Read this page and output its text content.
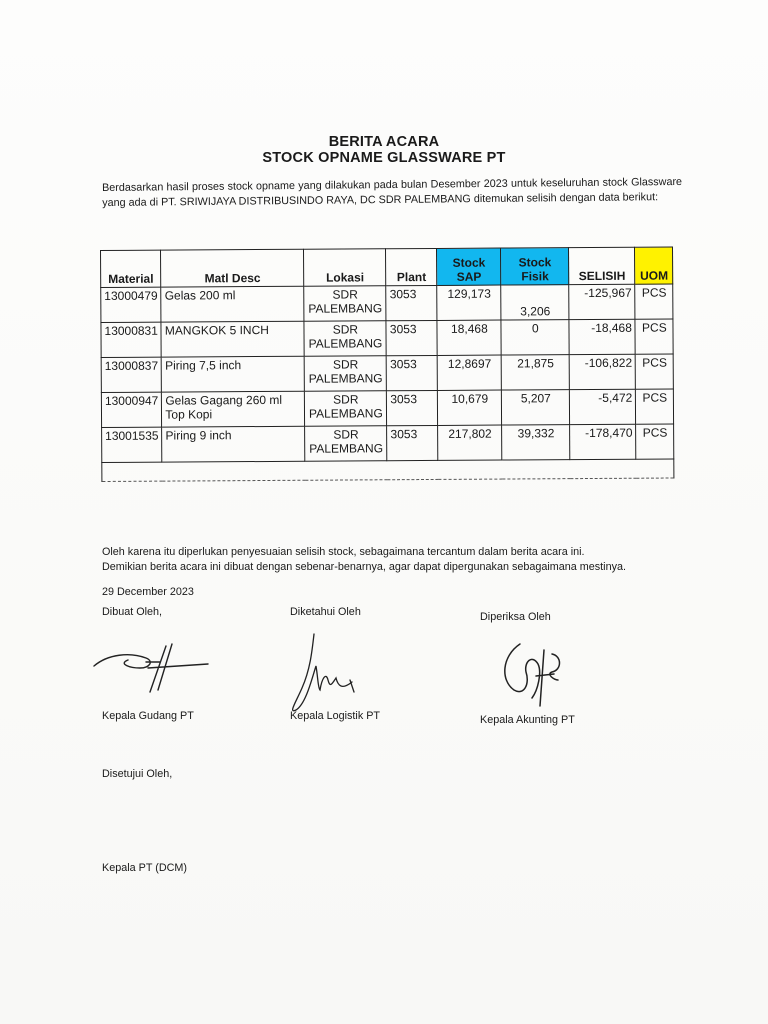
BERITA ACARA
STOCK OPNAME GLASSWARE PT
Berdasarkan hasil proses stock opname yang dilakukan pada bulan Desember 2023 untuk keseluruhan stock Glassware yang ada di PT. SRIWIJAYA DISTRIBUSINDO RAYA, DC SDR PALEMBANG ditemukan selisih dengan data berikut:
Material	Matl Desc	Lokasi	Plant	Stock SAP	Stock Fisik	SELISIH	UOM
13000479	Gelas 200 ml	SDR PALEMBANG	3053	129,173	3,206	-125,967	PCS
13000831	MANGKOK 5 INCH	SDR PALEMBANG	3053	18,468	0	-18,468	PCS
13000837	Piring 7,5 inch	SDR PALEMBANG	3053	12,8697	21,875	-106,822	PCS
13000947	Gelas Gagang 260 ml Top Kopi	SDR PALEMBANG	3053	10,679	5,207	-5,472	PCS
13001535	Piring 9 inch	SDR PALEMBANG	3053	217,802	39,332	-178,470	PCS

Oleh karena itu diperlukan penyesuaian selisih stock, sebagaimana tercantum dalam berita acara ini.
Demikian berita acara ini dibuat dengan sebenar-benarnya, agar dapat dipergunakan sebagaimana mestinya.
29 December 2023
Dibuat Oleh,	Diketahui Oleh	Diperiksa Oleh
Kepala Gudang PT	Kepala Logistik PT	Kepala Akunting PT
Disetujui Oleh,
Kepala PT (DCM)
